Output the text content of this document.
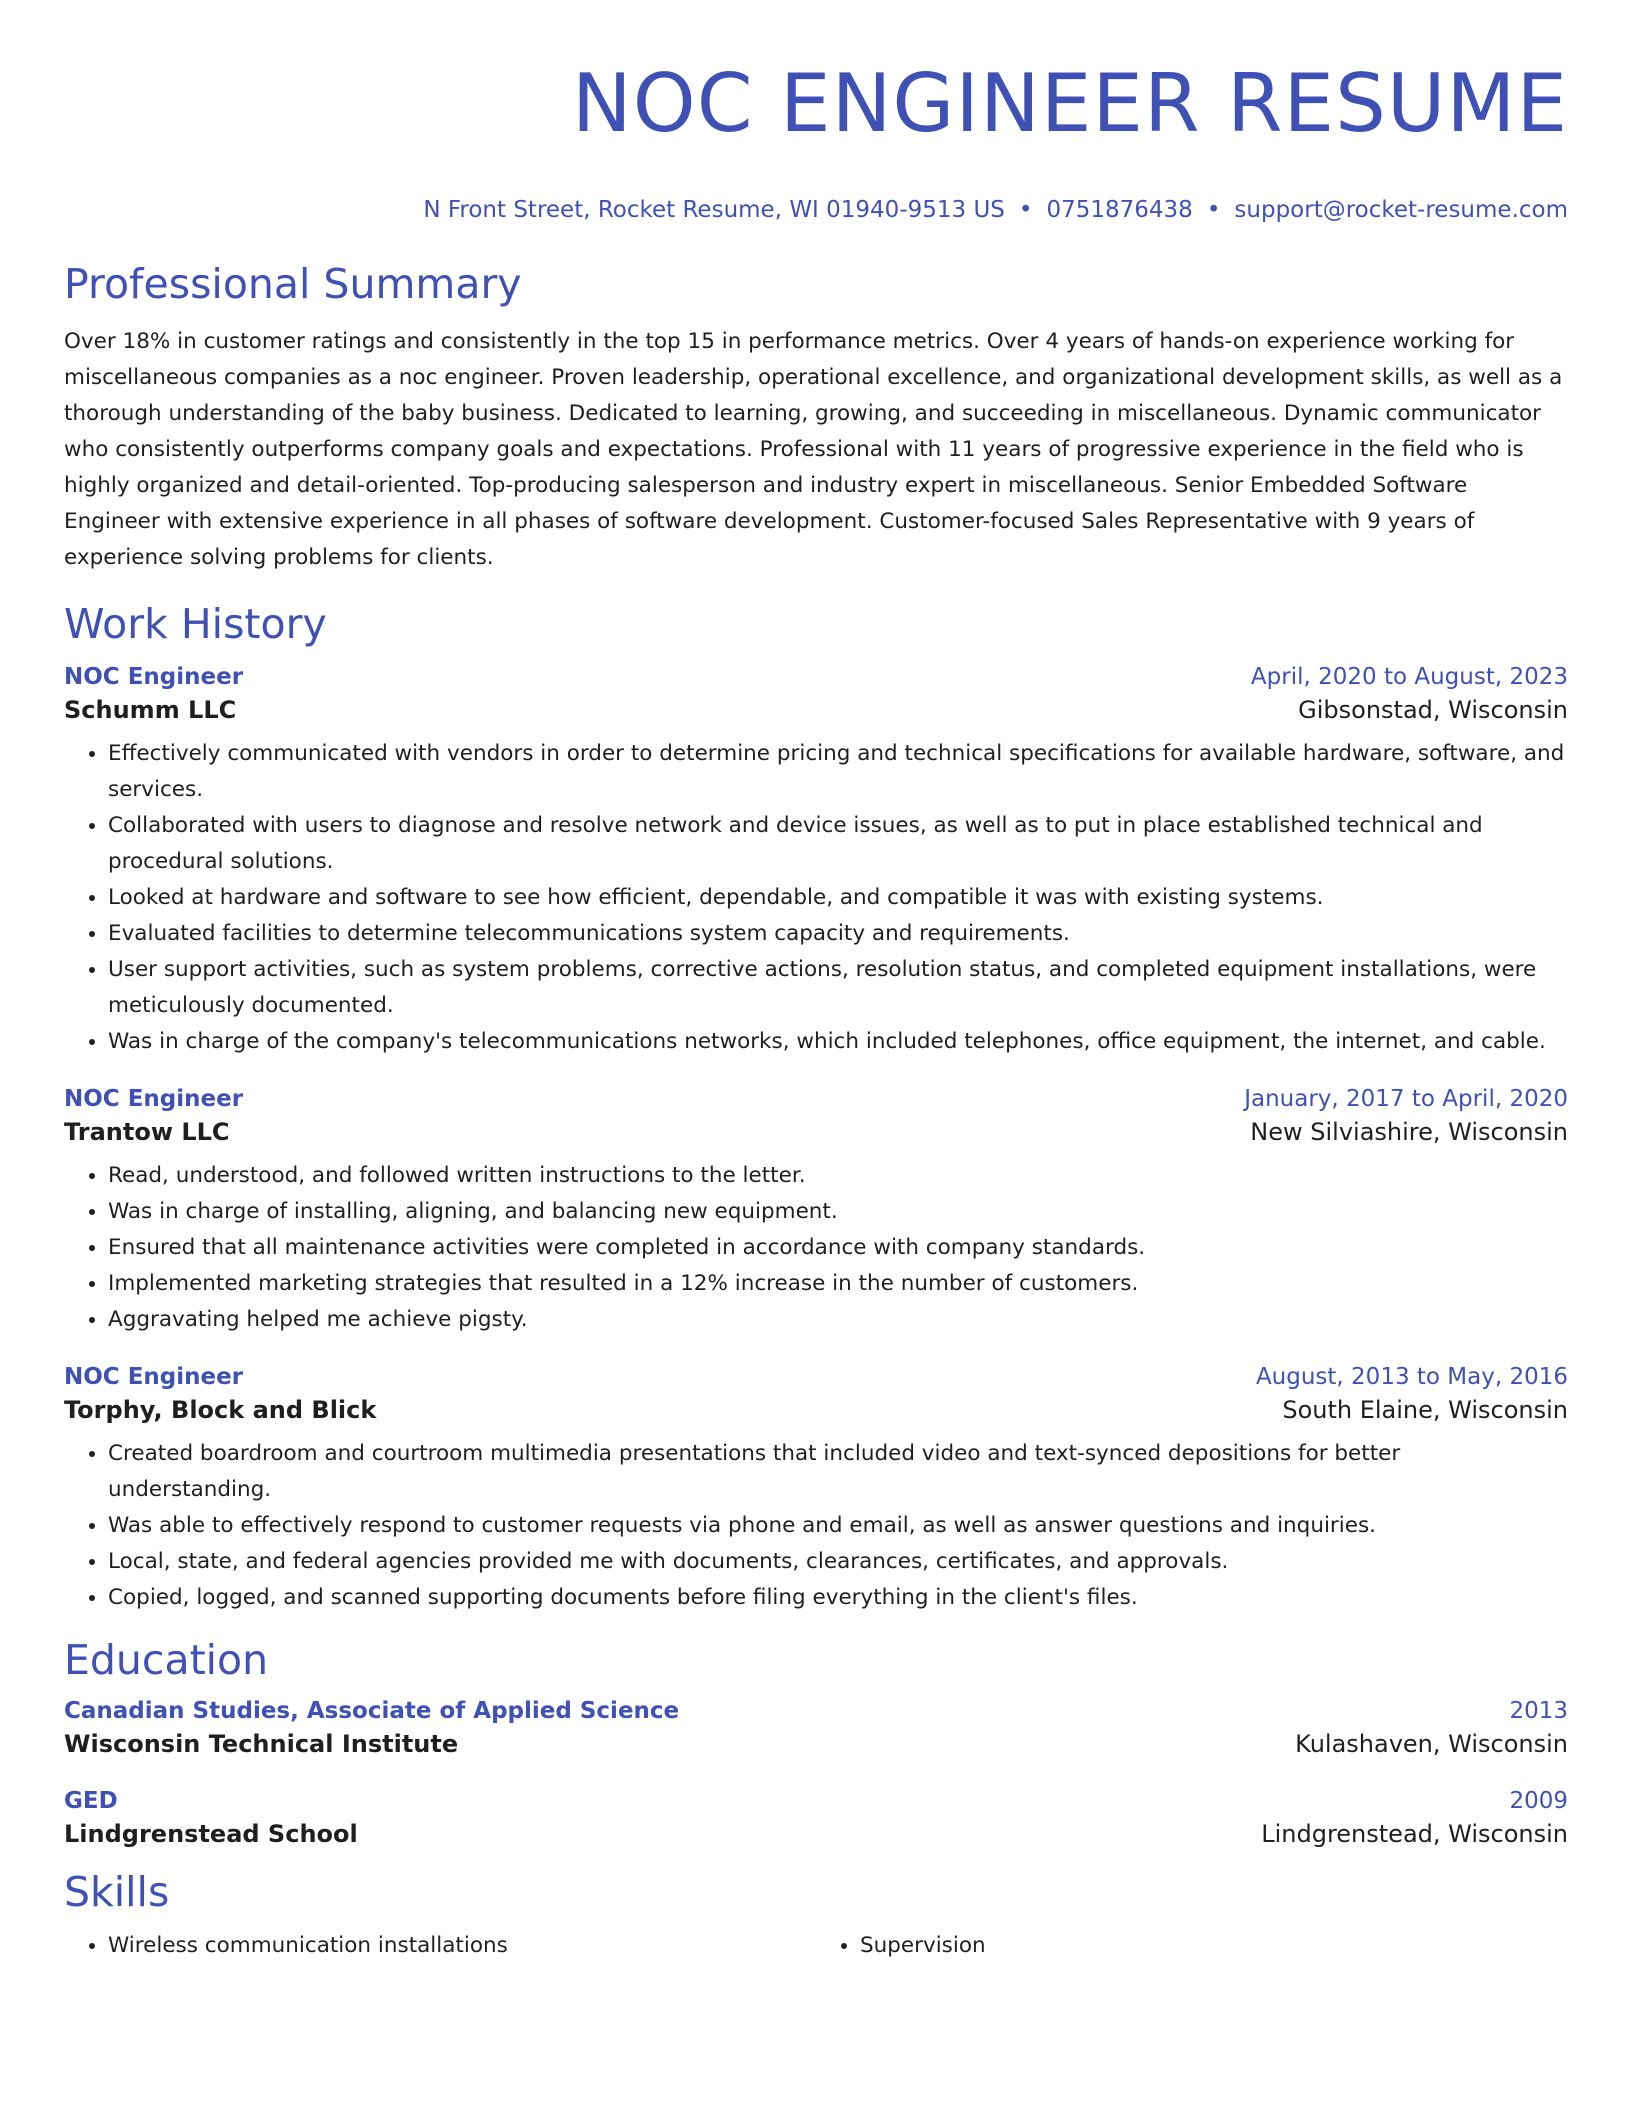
NOC ENGINEER RESUME
N Front Street, Rocket Resume, WI 01940-9513 US • 0751876438 • support@rocket-resume.com
Professional Summary

Over 18% in customer ratings and consistently in the top 15 in performance metrics. Over 4 years of hands-on experience working for miscellaneous companies as a noc engineer. Proven leadership, operational excellence, and organizational development skills, as well as a thorough understanding of the baby business. Dedicated to learning, growing, and succeeding in miscellaneous. Dynamic communicator who consistently outperforms company goals and expectations. Professional with 11 years of progressive experience in the field who is highly organized and detail-oriented. Top-producing salesperson and industry expert in miscellaneous. Senior Embedded Software Engineer with extensive experience in all phases of software development. Customer-focused Sales Representative with 9 years of experience solving problems for clients.

Work History
NOC Engineer	April, 2020 to August, 2023
Schumm LLC	Gibsonstad, Wisconsin
• Effectively communicated with vendors in order to determine pricing and technical specifications for available hardware, software, and services.
• Collaborated with users to diagnose and resolve network and device issues, as well as to put in place established technical and procedural solutions.
• Looked at hardware and software to see how efficient, dependable, and compatible it was with existing systems.
• Evaluated facilities to determine telecommunications system capacity and requirements.
• User support activities, such as system problems, corrective actions, resolution status, and completed equipment installations, were meticulously documented.
• Was in charge of the company's telecommunications networks, which included telephones, office equipment, the internet, and cable.
NOC Engineer	January, 2017 to April, 2020
Trantow LLC	New Silviashire, Wisconsin
• Read, understood, and followed written instructions to the letter.
• Was in charge of installing, aligning, and balancing new equipment.
• Ensured that all maintenance activities were completed in accordance with company standards.
• Implemented marketing strategies that resulted in a 12% increase in the number of customers.
• Aggravating helped me achieve pigsty.
NOC Engineer	August, 2013 to May, 2016
Torphy, Block and Blick	South Elaine, Wisconsin
• Created boardroom and courtroom multimedia presentations that included video and text-synced depositions for better understanding.
• Was able to effectively respond to customer requests via phone and email, as well as answer questions and inquiries.
• Local, state, and federal agencies provided me with documents, clearances, certificates, and approvals.
• Copied, logged, and scanned supporting documents before filing everything in the client's files.
Education
Canadian Studies, Associate of Applied Science	2013
Wisconsin Technical Institute	Kulashaven, Wisconsin
GED	2009
Lindgrenstead School	Lindgrenstead, Wisconsin
Skills
• Wireless communication installations
•	Supervision
